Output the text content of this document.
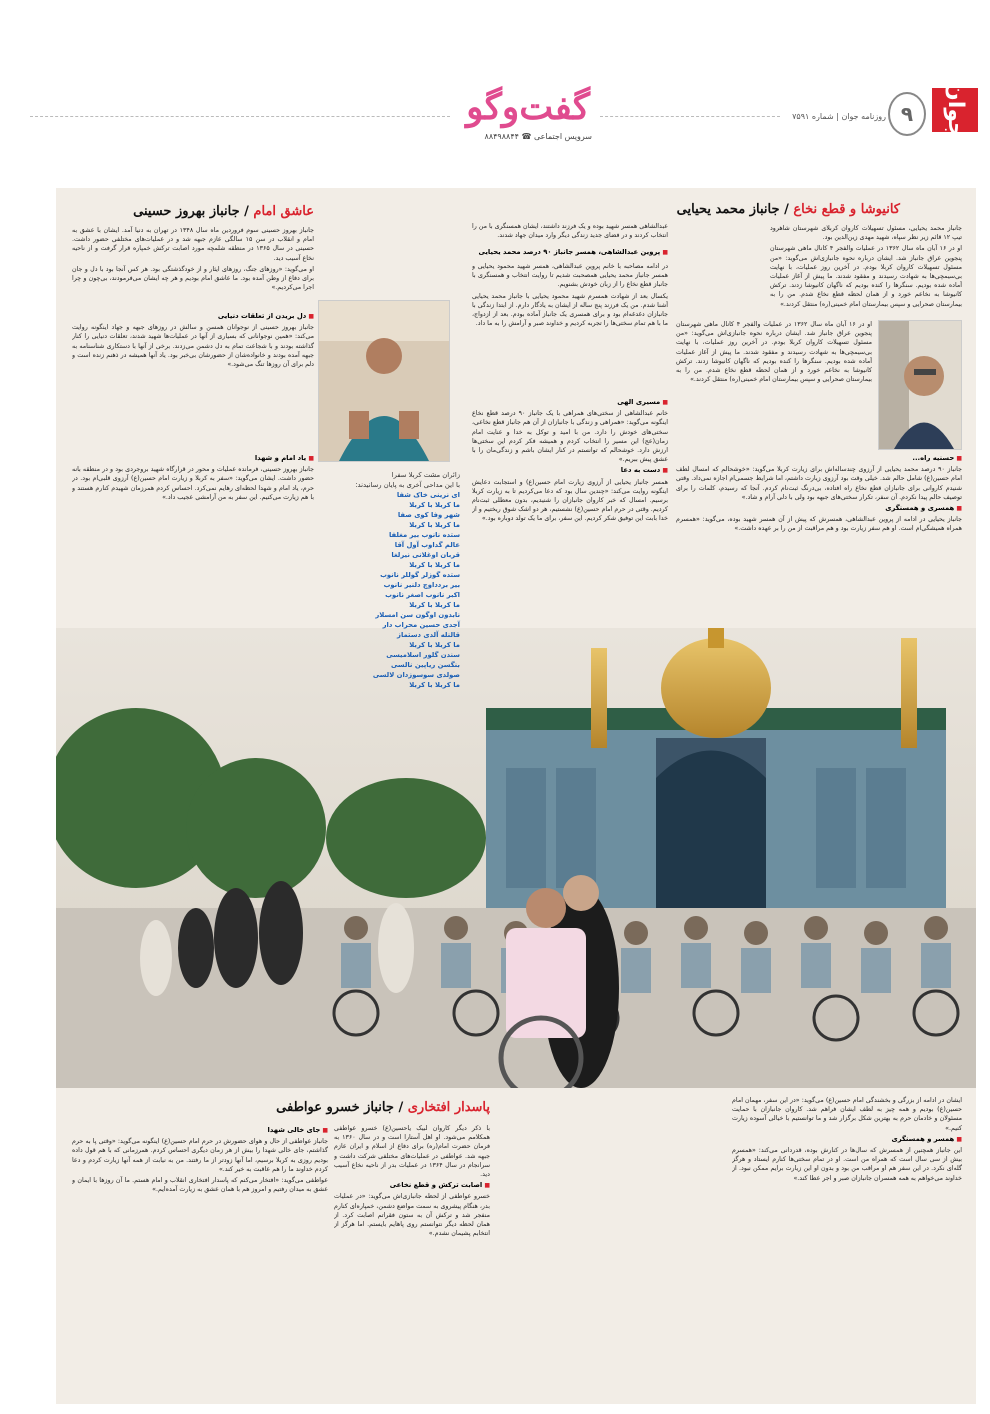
جوان
۹
روزنامه جوان | شماره ۷۵۹۱
گفت‌وگو
سرویس اجتماعی ☎ ۸۸۴۹۸۸۴۴
کانیوشا و قطع نخاع / جانباز محمد یحیایی

جانباز محمد یحیایی، مسئول تسهیلات کاروان کربلای شهرستان شاهرود تیپ ۱۲ قائم زیر نظر سپاه، شهید مهدی زین‌الدین بود.

او در ۱۶ آبان ماه سال ۱۳۶۲ در عملیات والفجر ۴ کانال ماهی شهرستان پنجوین عراق جانباز شد. ایشان درباره نحوه جانبازی‌اش می‌گوید: «من مسئول تسهیلات کاروان کربلا بودم. در آخرین روز عملیات، با نهایت بی‌سیمچی‌ها به شهادت رسیدند و مفقود شدند. ما پیش از آغاز عملیات آماده شده بودیم. سنگرها را کنده بودیم که ناگهان کانیوشا زدند. ترکش کانیوشا به نخاعم خورد و از همان لحظه قطع نخاع شدم. من را به بیمارستان صحرایی و سپس بیمارستان امام خمینی(ره) منتقل کردند.»

او در ۱۶ آبان ماه سال ۱۳۶۲ در عملیات والفجر ۴ کانال ماهی شهرستان پنجوین عراق جانباز شد. ایشان درباره نحوه جانبازی‌اش می‌گوید: «من مسئول تسهیلات کاروان کربلا بودم. در آخرین روز عملیات، با نهایت بی‌سیمچی‌ها به شهادت رسیدند و مفقود شدند. ما پیش از آغاز عملیات آماده شده بودیم. سنگرها را کنده بودیم که ناگهان کانیوشا زدند. ترکش کانیوشا به نخاعم خورد و از همان لحظه قطع نخاع شدم. من را به بیمارستان صحرایی و سپس بیمارستان امام خمینی(ره) منتقل کردند.»

■ حسنیه راه...

جانباز ۹۰ درصد محمد یحیایی از آرزوی چندساله‌اش برای زیارت کربلا می‌گوید: «خوشحالم که امسال لطف امام حسین(ع) شامل حالم شد. خیلی وقت بود آرزوی زیارت داشتم، اما شرایط جسمی‌ام اجازه نمی‌داد. وقتی شنیدم کاروانی برای جانبازان قطع نخاع راه افتاده، بی‌درنگ ثبت‌نام کردم. آنجا که رسیدم، کلمات را برای توصیف حالم پیدا نکردم. آن سفر، تکرار سختی‌های جبهه بود ولی با دلی آرام و شاد.»

■ همسری و همسنگری

جانباز یحیایی در ادامه از پروین عبدالشاهی، همسرش که پیش از آن همسر شهید بوده، می‌گوید: «همسرم همراه همیشگی‌ام است. او هم سفر زیارت بود و هم مراقبت از من را بر عهده داشت.»

عبدالشاهی همسر شهید بوده و یک فرزند داشتند، ایشان همسنگری با من را انتخاب کردند و در فضای جدید زندگی دیگر وارد میدان جهاد شدند.

■ پروین عبدالشاهی، همسر جانباز ۹۰ درصد محمد یحیایی

در ادامه مصاحبه با خانم پروین عبدالشاهی، همسر شهید محمود یحیایی و همسر جانباز محمد یحیایی همصحبت شدیم تا روایت انتخاب و همسنگری با جانباز قطع نخاع را از زبان خودش بشنویم.

یکسال بعد از شهادت همسرم شهید محمود یحیایی با جانباز محمد یحیایی آشنا شدم. من یک فرزند پنج ساله از ایشان به یادگار دارم. از ابتدا زندگی با جانبازان دغدغه‌ام بود و برای همسری یک جانباز آماده بودم. بعد از ازدواج، ما با هم تمام سختی‌ها را تجربه کردیم و خداوند صبر و آرامش را به ما داد.

■ مسیری الهی

خانم عبدالشاهی از سختی‌های همراهی با یک جانباز ۹۰ درصد قطع نخاع اینگونه می‌گوید: «همراهی و زندگی با جانبازان از آن هم جانباز قطع نخاعی، سختی‌های خودش را دارد. من با امید و توکل به خدا و عنایت امام زمان(عج) این مسیر را انتخاب کردم و همیشه فکر کردم این سختی‌ها ارزش دارد. خوشحالم که توانستم در کنار ایشان باشم و زندگی‌مان را با عشق پیش ببریم.»

■ دست به دعا

همسر جانباز یحیایی از آرزوی زیارت امام حسین(ع) و استجابت دعایش اینگونه روایت می‌کند: «چندین سال بود که دعا می‌کردیم تا به زیارت کربلا برسیم. امسال که خبر کاروان جانبازان را شنیدیم، بدون معطلی ثبت‌نام کردیم. وقتی در حرم امام حسین(ع) نشستیم، هر دو اشک شوق ریختیم و از خدا بابت این توفیق شکر کردیم. این سفر، برای ما یک تولد دوباره بود.»

زائران مشت کربلا سفرا
با این مداحی آخری به پایان رسانیدند:
ای نرینی خاک شفا
ما کربلا با کربلا
شهر وفا کوی صفا
ما کربلا با کربلا
ستده نانوب بیر مغلفا
عالم گداوب آول آقا
قربان اوغلانی نیرلغا
ما کربلا با کربلا
ستده گوزلر گوللر نانوب
بیر بردداوچ دلنیر نانوب
اکبر نانوب اصغر نانوب
ما کربلا با کربلا
نابدون اوگون سن امسلار
آجدی حسین محراب دار
قالنله آلدی دستماز
ما کربلا با کربلا
سندن گلور اسلامیسی
بنگسن ریاپین نالسی
صولدی سوسوزدان لالسی
ما کربلا با کربلا
عاشق امام / جانباز بهروز حسینی

جانباز بهروز حسینی سوم فروردین ماه سال ۱۳۴۸ در تهران به دنیا آمد. ایشان با عشق به امام و انقلاب در سن ۱۵ سالگی عازم جبهه شد و در عملیات‌های مختلفی حضور داشت. حسینی در سال ۱۳۶۵ در منطقه شلمچه مورد اصابت ترکش خمپاره قرار گرفت و از ناحیه نخاع آسیب دید.

او می‌گوید: «روزهای جنگ، روزهای ایثار و از خودگذشتگی بود. هر کس آنجا بود با دل و جان برای دفاع از وطن آمده بود. ما عاشق امام بودیم و هر چه ایشان می‌فرمودند، بی‌چون و چرا اجرا می‌کردیم.»

■ دل بریدن از تعلقات دنیایی

جانباز بهروز حسینی از نوجوانان همسن و سالش در روزهای جبهه و جهاد اینگونه روایت می‌کند: «همین نوجوانانی که بسیاری از آنها در عملیات‌ها شهید شدند، تعلقات دنیایی را کنار گذاشته بودند و با شجاعت تمام به دل دشمن می‌زدند. برخی از آنها با دستکاری شناسنامه به جبهه آمده بودند و خانواده‌شان از حضورشان بی‌خبر بود. یاد آنها همیشه در ذهنم زنده است و دلم برای آن روزها تنگ می‌شود.»

■ یاد امام و شهدا

جانباز بهروز حسینی، فرمانده عملیات و محور در قرارگاه شهید بروجردی بود و در منطقه بانه حضور داشت. ایشان می‌گوید: «سفر به کربلا و زیارت امام حسین(ع) آرزوی قلبی‌ام بود. در حرم، یاد امام و شهدا لحظه‌ای رهایم نمی‌کرد. احساس کردم همرزمان شهیدم کنارم هستند و با هم زیارت می‌کنیم. این سفر به من آرامشی عجیب داد.»

پاسدار افتخاری / جانباز خسرو عواطفی
■ جای خالی شهدا

جانباز عواطفی از حال و هوای حضورش در حرم امام حسین(ع) اینگونه می‌گوید: «وقتی پا به حرم گذاشتم، جای خالی شهدا را بیش از هر زمان دیگری احساس کردم. همرزمانی که با هم قول داده بودیم روزی به کربلا برسیم، اما آنها زودتر از ما رفتند. من به نیابت از همه آنها زیارت کردم و دعا کردم خداوند ما را هم عاقبت به خیر کند.»

عواطفی می‌گوید: «افتخار می‌کنم که پاسدار افتخاری انقلاب و امام هستم. ما آن روزها با ایمان و عشق به میدان رفتیم و امروز هم با همان عشق به زیارت آمده‌ایم.»

با ذکر دیگر کاروان لبیک یاحسین(ع) خسرو عواطفی همکلامم می‌شود. او اهل آستارا است و در سال ۱۳۶۰ به فرمان حضرت امام(ره) برای دفاع از اسلام و ایران عازم جبهه شد. عواطفی در عملیات‌های مختلفی شرکت داشت و سرانجام در سال ۱۳۶۴ در عملیات بدر از ناحیه نخاع آسیب دید.

■ اصابت ترکش و قطع نخاعی

خسرو عواطفی از لحظه جانبازی‌اش می‌گوید: «در عملیات بدر، هنگام پیشروی به سمت مواضع دشمن، خمپاره‌ای کنارم منفجر شد و ترکش آن به ستون فقراتم اصابت کرد. از همان لحظه دیگر نتوانستم روی پاهایم بایستم. اما هرگز از انتخابم پشیمان نشدم.»

ایشان در ادامه از بزرگی و بخشندگی امام حسین(ع) می‌گوید: «در این سفر، مهمان امام حسین(ع) بودیم و همه چیز به لطف ایشان فراهم شد. کاروان جانبازان با حمایت مسئولان و خادمان حرم به بهترین شکل برگزار شد و ما توانستیم با خیالی آسوده زیارت کنیم.»

■ همسر و همسنگری

این جانباز همچنین از همسرش که سال‌ها در کنارش بوده، قدردانی می‌کند: «همسرم بیش از سی سال است که همراه من است. او در تمام سختی‌ها کنارم ایستاد و هرگز گله‌ای نکرد. در این سفر هم او مراقب من بود و بدون او این زیارت برایم ممکن نبود. از خداوند می‌خواهم به همه همسران جانبازان صبر و اجر عطا کند.»
